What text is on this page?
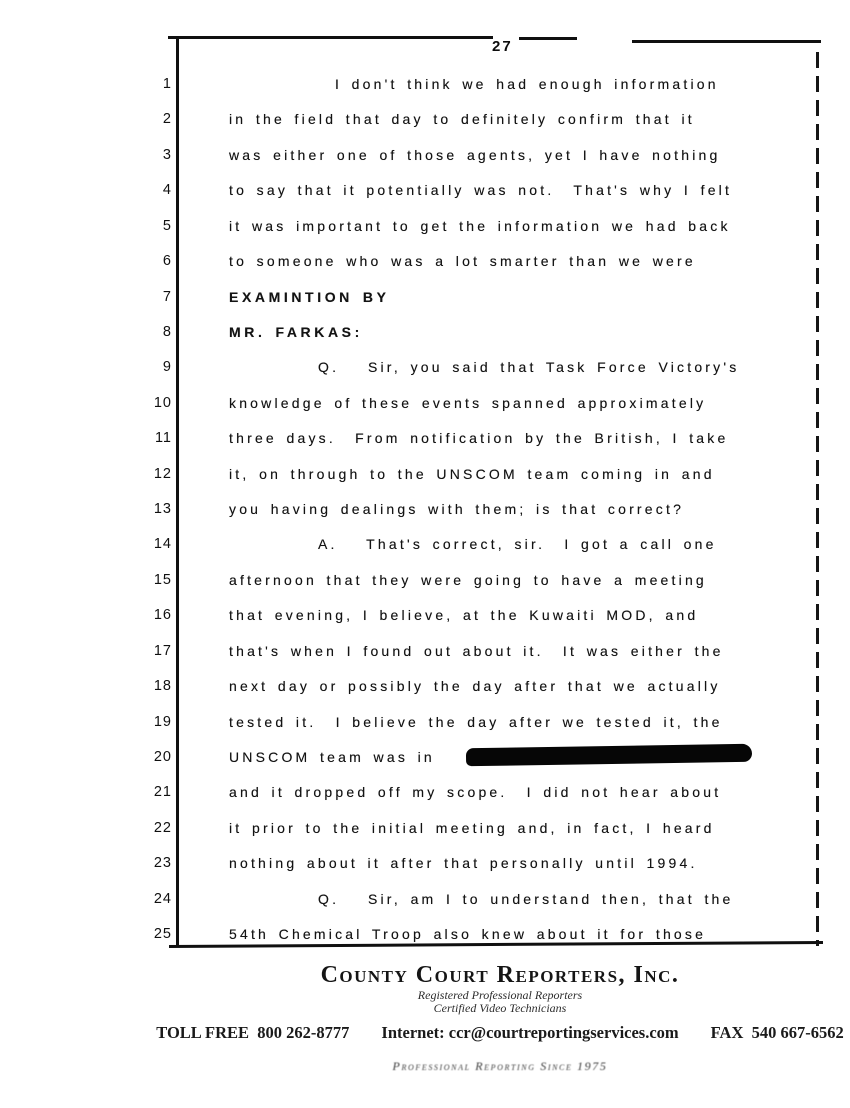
27
1	I don't think we had enough information
2	in the field that day to definitely confirm that it
3	was either one of those agents, yet I have nothing
4	to say that it potentially was not.  That's why I felt
5	it was important to get the information we had back
6	to someone who was a lot smarter than we were
7	EXAMINTION BY
8	MR. FARKAS:
9	Q.   Sir, you said that Task Force Victory's
10	knowledge of these events spanned approximately
11	three days.  From notification by the British, I take
12	it, on through to the UNSCOM team coming in and
13	you having dealings with them; is that correct?
14	A.   That's correct, sir.  I got a call one
15	afternoon that they were going to have a meeting
16	that evening, I believe, at the Kuwaiti MOD, and
17	that's when I found out about it.  It was either the
18	next day or possibly the day after that we actually
19	tested it.  I believe the day after we tested it, the
20	UNSCOM team was in
21	and it dropped off my scope.  I did not hear about
22	it prior to the initial meeting and, in fact, I heard
23	nothing about it after that personally until 1994.
24	Q.   Sir, am I to understand then, that the
25	54th Chemical Troop also knew about it for those
County Court Reporters, Inc.
Registered Professional Reporters
Certified Video Technicians
TOLL FREE  800 262-8777 Internet: ccr@courtreportingservices.com FAX  540 667-6562
Professional Reporting Since 1975
